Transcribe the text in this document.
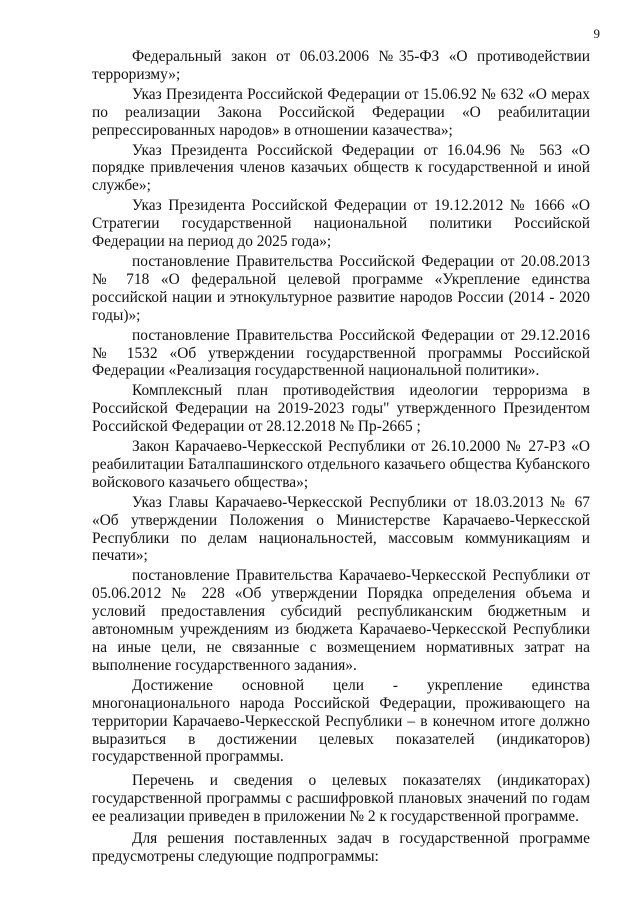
9

Федеральный закон от 06.03.2006 №35-ФЗ «О противодействии терроризму»;

Указ Президента Российской Федерации от 15.06.92 № 632 «О мерах по реализации Закона Российской Федерации «О реабилитации репрессированных народов» в отношении казачества»;

Указ Президента Российской Федерации от 16.04.96 № 563 «О порядке привлечения членов казачьих обществ к государственной и иной службе»;

Указ Президента Российской Федерации от 19.12.2012 № 1666 «О Стратегии государственной национальной политики Российской Федерации на период до 2025 года»;

постановление Правительства Российской Федерации от 20.08.2013 № 718 «О федеральной целевой программе «Укрепление единства российской нации и этнокультурное развитие народов России (2014 - 2020 годы)»;

постановление Правительства Российской Федерации от 29.12.2016 № 1532 «Об утверждении государственной программы Российской Федерации «Реализация государственной национальной политики».

Комплексный план противодействия идеологии терроризма в Российской Федерации на 2019-2023 годы" утвержденного Президентом Российской Федерации от 28.12.2018 № Пр-2665 ;

Закон Карачаево-Черкесской Республики от 26.10.2000 № 27-РЗ «О реабилитации Баталпашинского отдельного казачьего общества Кубанского войскового казачьего общества»;

Указ Главы Карачаево-Черкесской Республики от 18.03.2013 № 67 «Об утверждении Положения о Министерстве Карачаево-Черкесской Республики по делам национальностей, массовым коммуникациям и печати»;

постановление Правительства Карачаево-Черкесской Республики от 05.06.2012 № 228 «Об утверждении Порядка определения объема и условий предоставления субсидий республиканским бюджетным и автономным учреждениям из бюджета Карачаево-Черкесской Республики на иные цели, не связанные с возмещением нормативных затрат на выполнение государственного задания».

Достижение основной цели - укрепление единства многонационального народа Российской Федерации, проживающего на территории Карачаево-Черкесской Республики – в конечном итоге должно выразиться в достижении целевых показателей (индикаторов) государственной программы.

Перечень и сведения о целевых показателях (индикаторах) государственной программы с расшифровкой плановых значений по годам ее реализации приведен в приложении № 2 к государственной программе.

Для решения поставленных задач в государственной программе предусмотрены следующие подпрограммы:
